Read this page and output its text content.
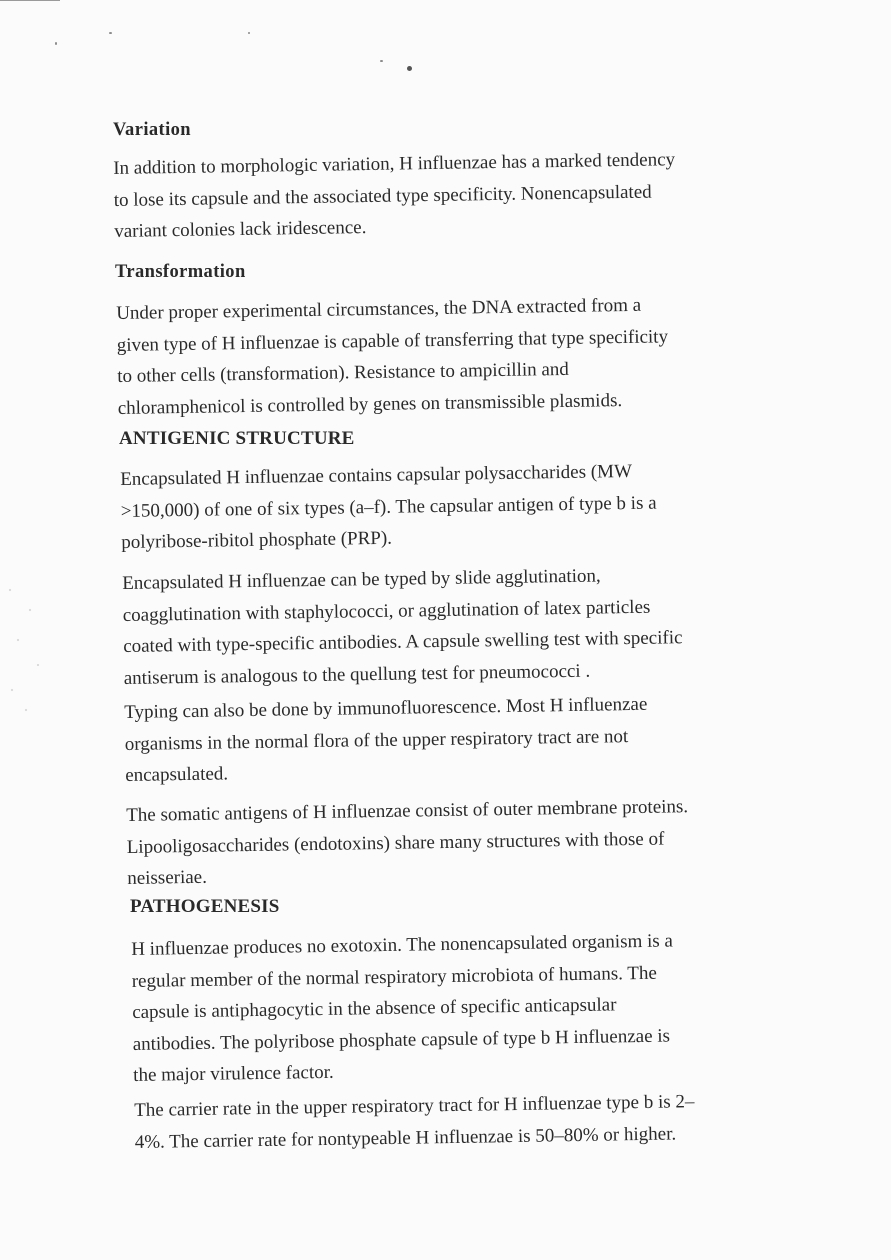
Variation

In addition to morphologic variation, H influenzae has a marked tendency
to lose its capsule and the associated type specificity. Nonencapsulated
variant colonies lack iridescence.

Transformation

Under proper experimental circumstances, the DNA extracted from a
given type of H influenzae is capable of transferring that type specificity
to other cells (transformation). Resistance to ampicillin and
chloramphenicol is controlled by genes on transmissible plasmids.

ANTIGENIC STRUCTURE

Encapsulated H influenzae contains capsular polysaccharides (MW
>150,000) of one of six types (a–f). The capsular antigen of type b is a
polyribose-ribitol phosphate (PRP).

Encapsulated H influenzae can be typed by slide agglutination,
coagglutination with staphylococci, or agglutination of latex particles
coated with type-specific antibodies. A capsule swelling test with specific
antiserum is analogous to the quellung test for pneumococci .

Typing can also be done by immunofluorescence. Most H influenzae
organisms in the normal flora of the upper respiratory tract are not
encapsulated.

The somatic antigens of H influenzae consist of outer membrane proteins.
Lipooligosaccharides (endotoxins) share many structures with those of
neisseriae.

PATHOGENESIS

H influenzae produces no exotoxin. The nonencapsulated organism is a
regular member of the normal respiratory microbiota of humans. The
capsule is antiphagocytic in the absence of specific anticapsular
antibodies. The polyribose phosphate capsule of type b H influenzae is
the major virulence factor.

The carrier rate in the upper respiratory tract for H influenzae type b is 2–
4%. The carrier rate for nontypeable H influenzae is 50–80% or higher.
